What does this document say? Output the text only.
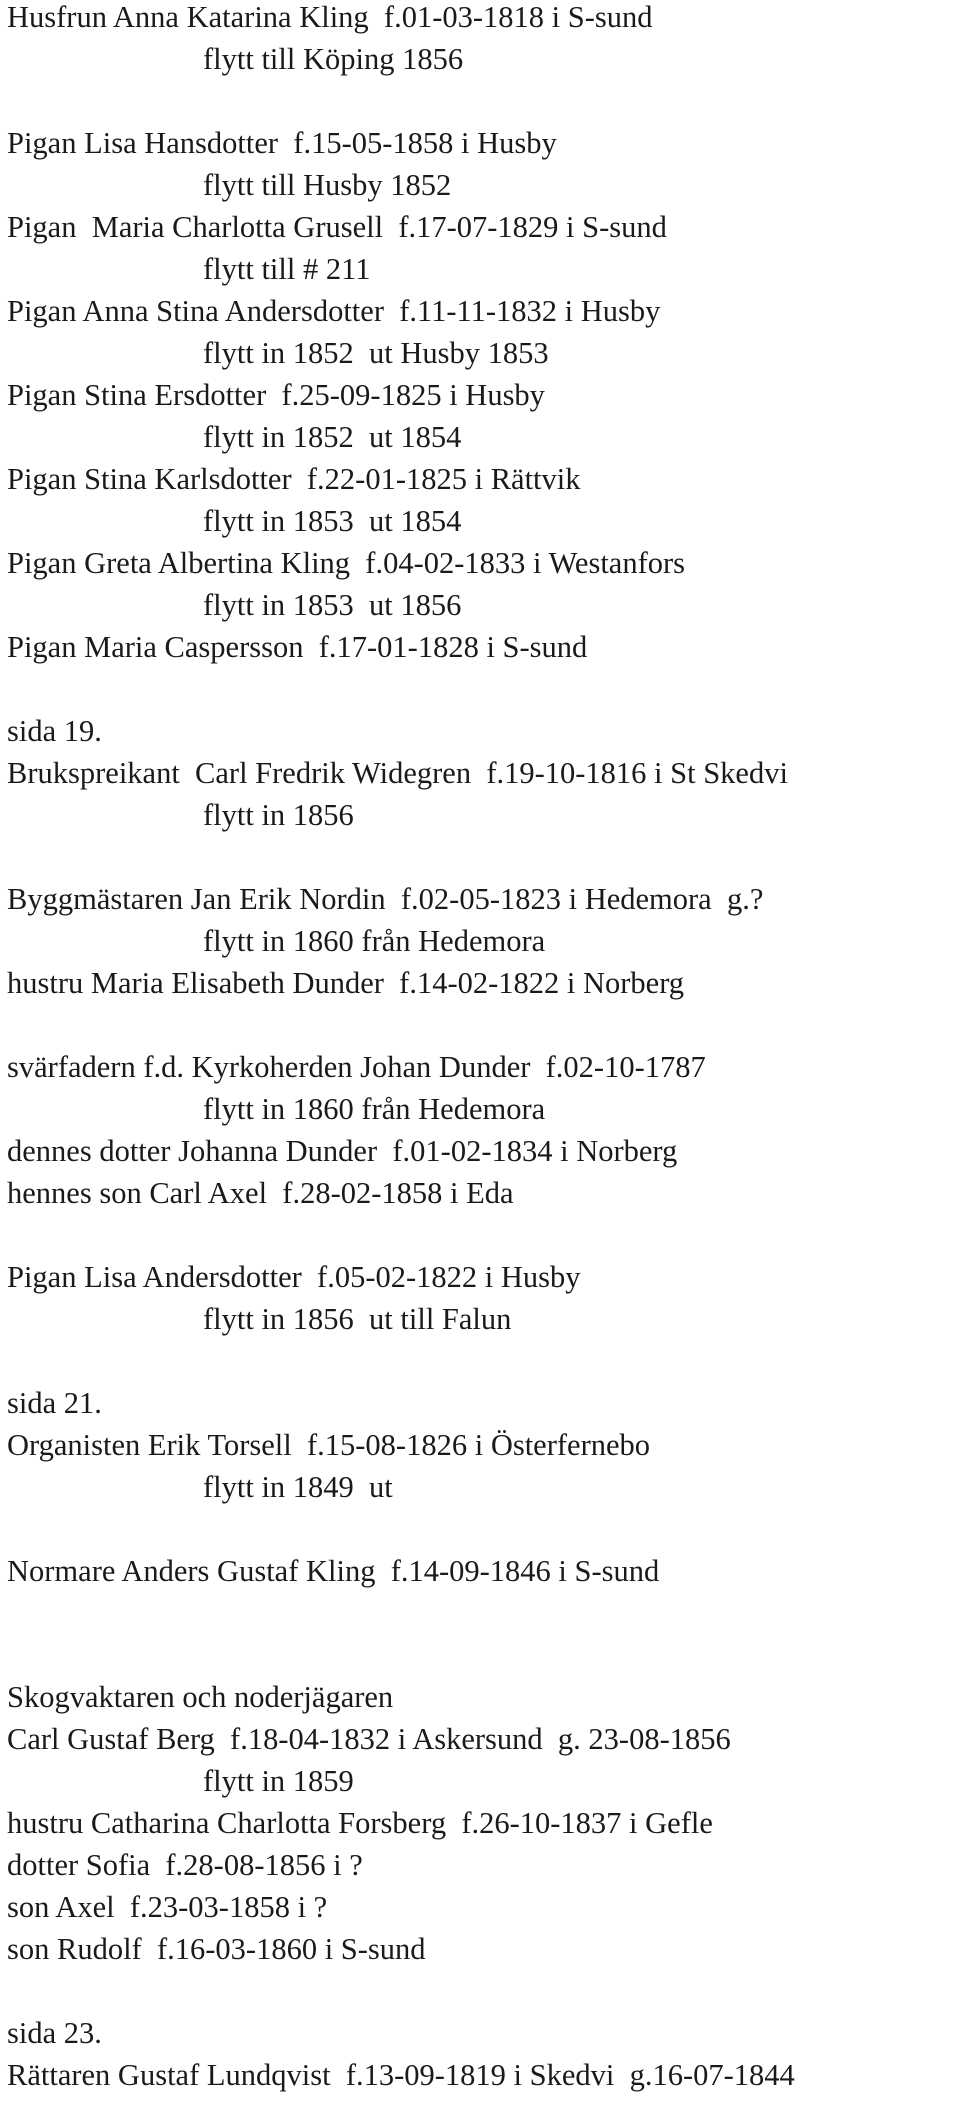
Husfrun Anna Katarina Kling  f.01-03-1818 i S-sund
flytt till Köping 1856
Pigan Lisa Hansdotter  f.15-05-1858 i Husby
flytt till Husby 1852
Pigan  Maria Charlotta Grusell  f.17-07-1829 i S-sund
flytt till # 211
Pigan Anna Stina Andersdotter  f.11-11-1832 i Husby
flytt in 1852  ut Husby 1853
Pigan Stina Ersdotter  f.25-09-1825 i Husby
flytt in 1852  ut 1854
Pigan Stina Karlsdotter  f.22-01-1825 i Rättvik
flytt in 1853  ut 1854
Pigan Greta Albertina Kling  f.04-02-1833 i Westanfors
flytt in 1853  ut 1856
Pigan Maria Caspersson  f.17-01-1828 i S-sund
sida 19.
Brukspreikant  Carl Fredrik Widegren  f.19-10-1816 i St Skedvi
flytt in 1856
Byggmästaren Jan Erik Nordin  f.02-05-1823 i Hedemora  g.?
flytt in 1860 från Hedemora
hustru Maria Elisabeth Dunder  f.14-02-1822 i Norberg
svärfadern f.d. Kyrkoherden Johan Dunder  f.02-10-1787
flytt in 1860 från Hedemora
dennes dotter Johanna Dunder  f.01-02-1834 i Norberg
hennes son Carl Axel  f.28-02-1858 i Eda
Pigan Lisa Andersdotter  f.05-02-1822 i Husby
flytt in 1856  ut till Falun
sida 21.
Organisten Erik Torsell  f.15-08-1826 i Österfernebo
flytt in 1849  ut
Normare Anders Gustaf Kling  f.14-09-1846 i S-sund
Skogvaktaren och noderjägaren
Carl Gustaf Berg  f.18-04-1832 i Askersund  g. 23-08-1856
flytt in 1859
hustru Catharina Charlotta Forsberg  f.26-10-1837 i Gefle
dotter Sofia  f.28-08-1856 i ?
son Axel  f.23-03-1858 i ?
son Rudolf  f.16-03-1860 i S-sund
sida 23.
Rättaren Gustaf Lundqvist  f.13-09-1819 i Skedvi  g.16-07-1844
